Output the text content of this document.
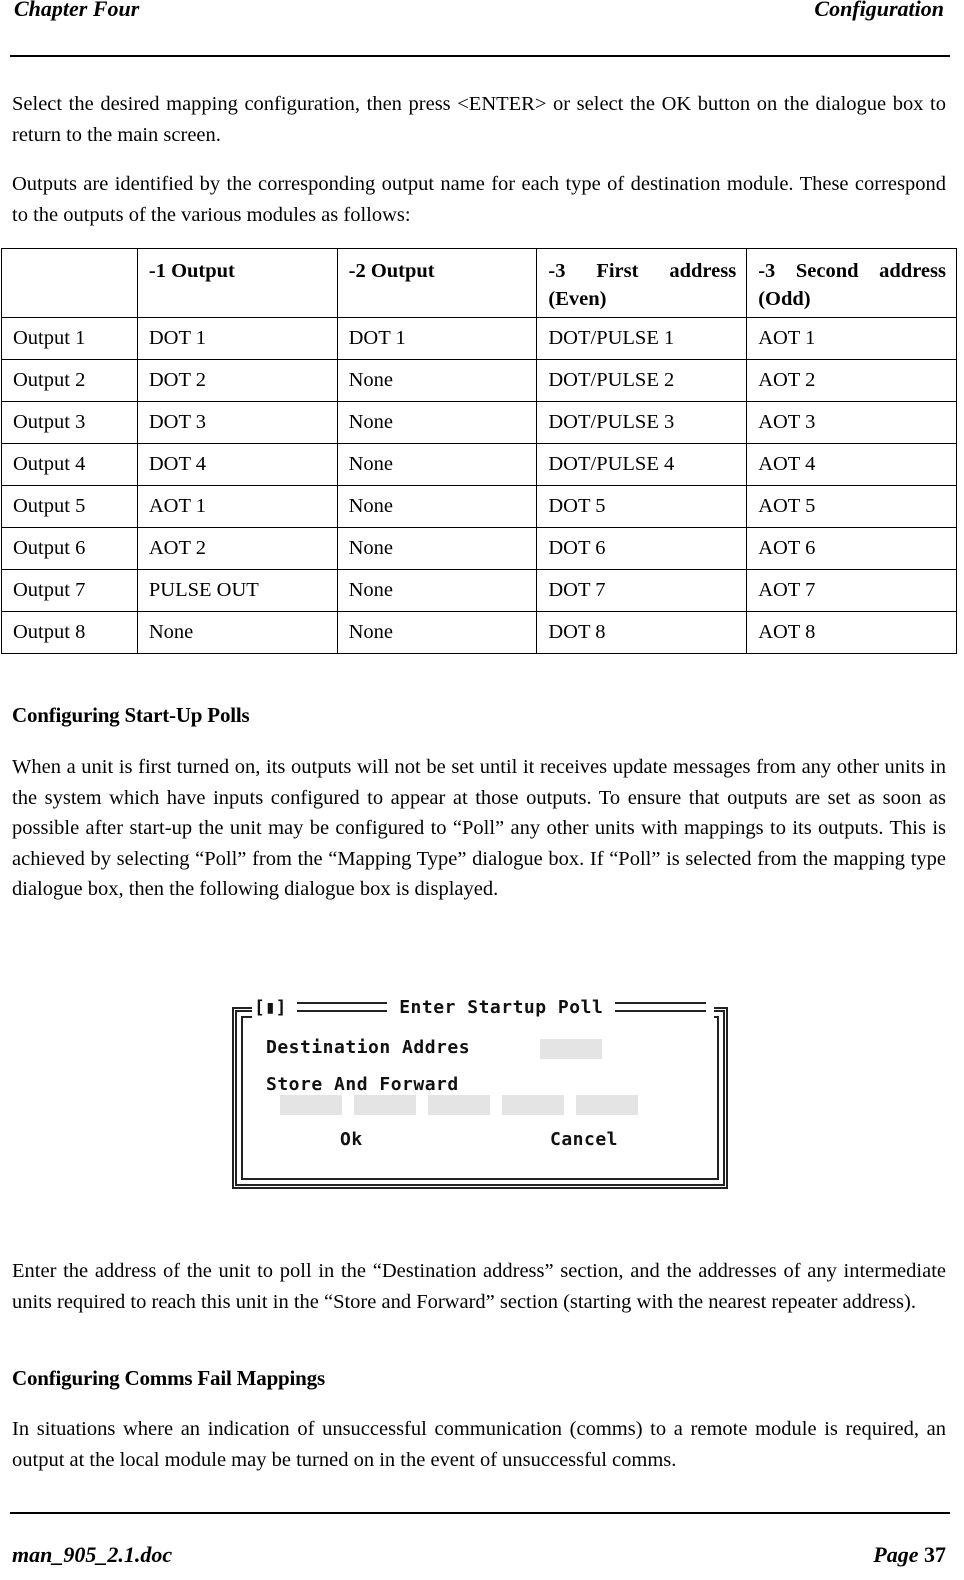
Chapter Four	Configuration

Select the desired mapping configuration, then press <ENTER> or select the OK button on the dialogue box to return to the main screen.

Outputs are identified by the corresponding output name for each type of destination module. These correspond to the outputs of the various modules as follows:

	-1 Output	-2 Output	-3 First address (Even)	-3 Second address (Odd)
Output 1	DOT 1	DOT 1	DOT/PULSE 1	AOT 1
Output 2	DOT 2	None	DOT/PULSE 2	AOT 2
Output 3	DOT 3	None	DOT/PULSE 3	AOT 3
Output 4	DOT 4	None	DOT/PULSE 4	AOT 4
Output 5	AOT 1	None	DOT 5	AOT 5
Output 6	AOT 2	None	DOT 6	AOT 6
Output 7	PULSE OUT	None	DOT 7	AOT 7
Output 8	None	None	DOT 8	AOT 8
Configuring Start-Up Polls

When a unit is first turned on, its outputs will not be set until it receives update messages from any other units in the system which have inputs configured to appear at those outputs. To ensure that outputs are set as soon as possible after start-up the unit may be configured to “Poll” any other units with mappings to its outputs. This is achieved by selecting “Poll” from the “Mapping Type” dialogue box. If “Poll” is selected from the mapping type dialogue box, then the following dialogue box is displayed.

[▮]	Enter Startup Poll
Destination Addres
Store And Forward
Ok	Cancel

Enter the address of the unit to poll in the “Destination address” section, and the addresses of any intermediate units required to reach this unit in the “Store and Forward” section (starting with the nearest repeater address).

Configuring Comms Fail Mappings

In situations where an indication of unsuccessful communication (comms) to a remote module is required, an output at the local module may be turned on in the event of unsuccessful comms.

man_905_2.1.doc	Page 37
